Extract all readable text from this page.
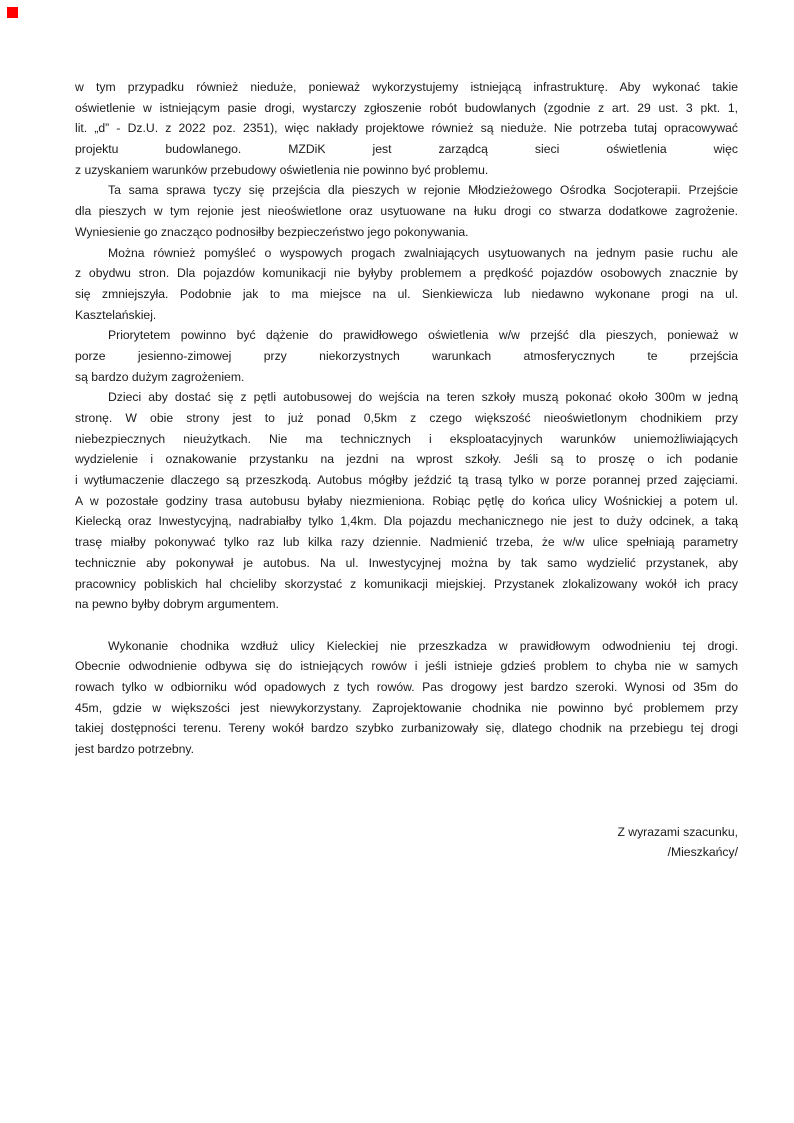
w tym przypadku również nieduże, ponieważ wykorzystujemy istniejącą infrastrukturę. Aby wykonać takie
oświetlenie w istniejącym pasie drogi, wystarczy zgłoszenie robót budowlanych (zgodnie z art. 29 ust. 3 pkt. 1,
lit. „d” - Dz.U. z 2022 poz. 2351), więc nakłady projektowe również są nieduże. Nie potrzeba tutaj opracowywać
projektu budowlanego. MZDiK jest zarządcą sieci oświetlenia więc
z uzyskaniem warunków przebudowy oświetlenia nie powinno być problemu.
Ta sama sprawa tyczy się przejścia dla pieszych w rejonie Młodzieżowego Ośrodka Socjoterapii. Przejście
dla pieszych w tym rejonie jest nieoświetlone oraz usytuowane na łuku drogi co stwarza dodatkowe zagrożenie.
Wyniesienie go znacząco podnosiłby bezpieczeństwo jego pokonywania.
Można również pomyśleć o wyspowych progach zwalniających usytuowanych na jednym pasie ruchu ale
z obydwu stron. Dla pojazdów komunikacji nie byłyby problemem a prędkość pojazdów osobowych znacznie by
się zmniejszyła. Podobnie jak to ma miejsce na ul. Sienkiewicza lub niedawno wykonane progi na ul.
Kasztelańskiej.
Priorytetem powinno być dążenie do prawidłowego oświetlenia w/w przejść dla pieszych, ponieważ w
porze jesienno-zimowej przy niekorzystnych warunkach atmosferycznych te przejścia
są bardzo dużym zagrożeniem.
Dzieci aby dostać się z pętli autobusowej do wejścia na teren szkoły muszą pokonać około 300m w jedną
stronę. W obie strony jest to już ponad 0,5km z czego większość nieoświetlonym chodnikiem przy
niebezpiecznych nieużytkach. Nie ma technicznych i eksploatacyjnych warunków uniemożliwiających
wydzielenie i oznakowanie przystanku na jezdni na wprost szkoły. Jeśli są to proszę o ich podanie
i wytłumaczenie dlaczego są przeszkodą. Autobus mógłby jeździć tą trasą tylko w porze porannej przed zajęciami.
A w pozostałe godziny trasa autobusu byłaby niezmieniona. Robiąc pętlę do końca ulicy Wośnickiej a potem ul.
Kielecką oraz Inwestycyjną, nadrabiałby tylko 1,4km. Dla pojazdu mechanicznego nie jest to duży odcinek, a taką
trasę miałby pokonywać tylko raz lub kilka razy dziennie. Nadmienić trzeba, że w/w ulice spełniają parametry
technicznie aby pokonywał je autobus. Na ul. Inwestycyjnej można by tak samo wydzielić przystanek, aby
pracownicy pobliskich hal chcieliby skorzystać z komunikacji miejskiej. Przystanek zlokalizowany wokół ich pracy
na pewno byłby dobrym argumentem.
Wykonanie chodnika wzdłuż ulicy Kieleckiej nie przeszkadza w prawidłowym odwodnieniu tej drogi.
Obecnie odwodnienie odbywa się do istniejących rowów i jeśli istnieje gdzieś problem to chyba nie w samych
rowach tylko w odbiorniku wód opadowych z tych rowów. Pas drogowy jest bardzo szeroki. Wynosi od 35m do
45m, gdzie w większości jest niewykorzystany. Zaprojektowanie chodnika nie powinno być problemem przy
takiej dostępności terenu. Tereny wokół bardzo szybko zurbanizowały się, dlatego chodnik na przebiegu tej drogi
jest bardzo potrzebny.
Z wyrazami szacunku,
/Mieszkańcy/
